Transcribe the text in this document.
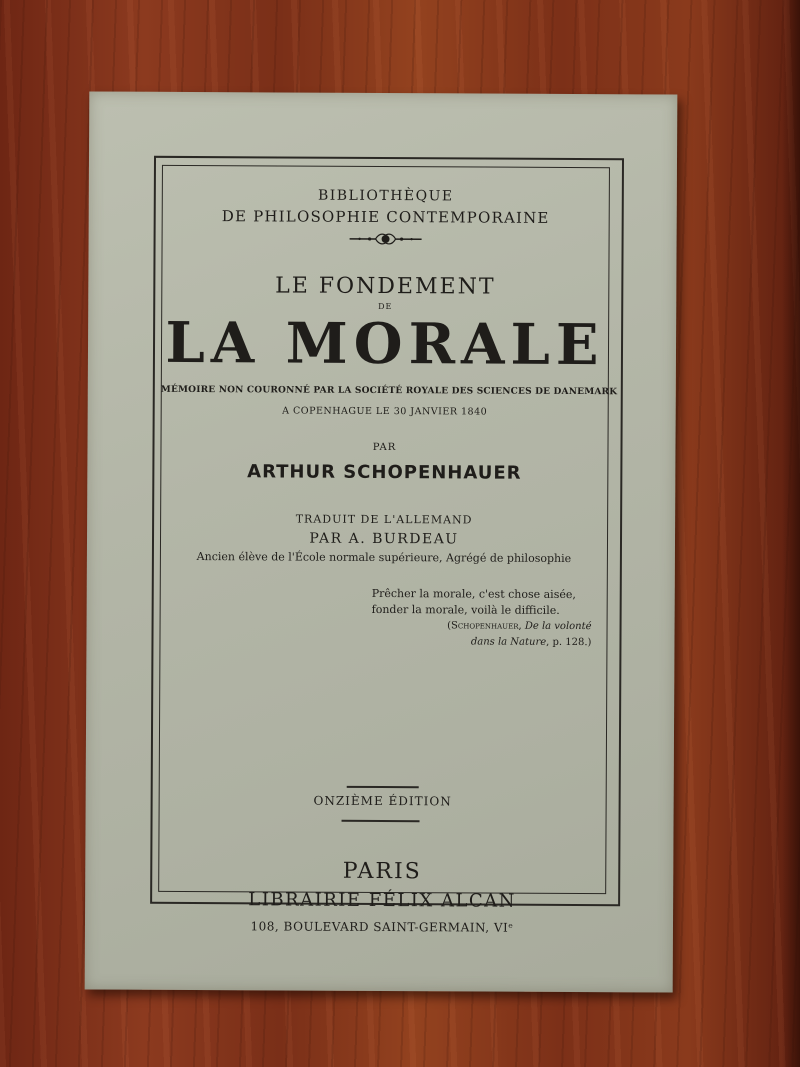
BIBLIOTHÈQUE
DE PHILOSOPHIE CONTEMPORAINE
LE FONDEMENT
DE
LA MORALE
MÉMOIRE NON COURONNÉ PAR LA SOCIÉTÉ ROYALE DES SCIENCES DE DANEMARK
A COPENHAGUE LE 30 JANVIER 1840
PAR
ARTHUR SCHOPENHAUER
TRADUIT DE L'ALLEMAND
PAR A. BURDEAU
Ancien élève de l'École normale supérieure, Agrégé de philosophie
Prêcher la morale, c'est chose aisée,
fonder la morale, voilà le difficile.
(Schopenhauer, De la volonté
dans la Nature, p. 128.)
ONZIÈME ÉDITION
PARIS
LIBRAIRIE FÉLIX ALCAN
108, BOULEVARD SAINT-GERMAIN, VIᵉ
